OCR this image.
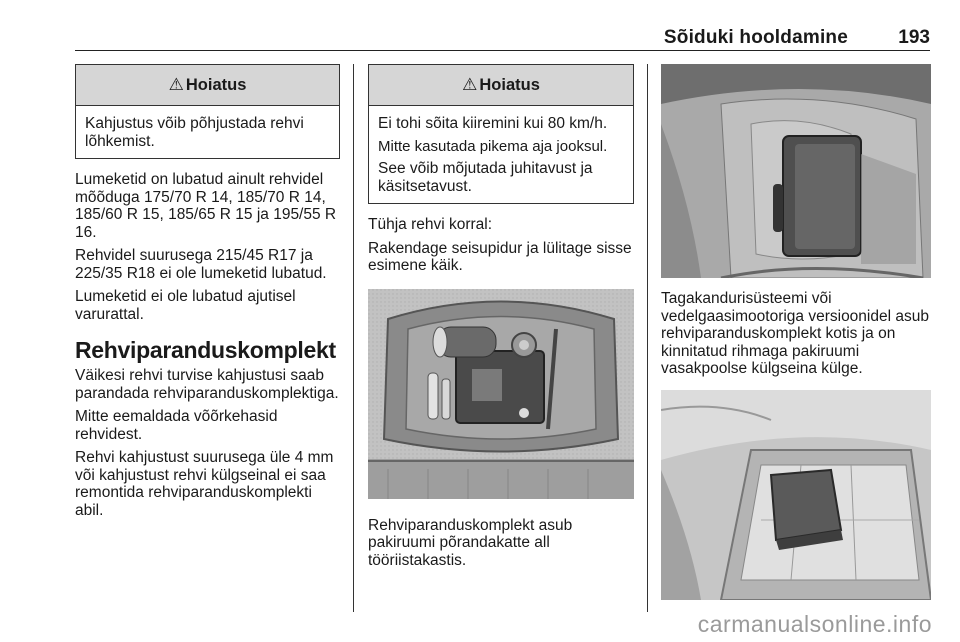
Sõiduki hooldamine	193
⚠ Hoiatus

Kahjustus võib põhjustada rehvi lõhkemist.

Lumeketid on lubatud ainult rehvidel mõõduga 175/70 R 14, 185/70 R 14, 185/60 R 15, 185/65 R 15 ja 195/55 R 16.

Rehvidel suurusega 215/45 R17 ja 225/35 R18 ei ole lumeketid lubatud.

Lumeketid ei ole lubatud ajutisel varurattal.

Rehviparanduskomplekt

Väikesi rehvi turvise kahjustusi saab parandada rehviparanduskomplektiga.

Mitte eemaldada võõrkehasid rehvidest.

Rehvi kahjustust suurusega üle 4 mm või kahjustust rehvi külgseinal ei saa remontida rehviparanduskomplekti abil.

⚠ Hoiatus

Ei tohi sõita kiiremini kui 80 km/h.

Mitte kasutada pikema aja jooksul.

See võib mõjutada juhitavust ja käsitsetavust.

Tühja rehvi korral:

Rakendage seisupidur ja lülitage sisse esimene käik.

Rehviparanduskomplekt asub pakiruumi põrandakatte all tööriistakastis.

Tagakandurisüsteemi või vedelgaasimootoriga versioonidel asub rehviparanduskomplekt kotis ja on kinnitatud rihmaga pakiruumi vasakpoolse külgseina külge.

carmanualsonline.info
